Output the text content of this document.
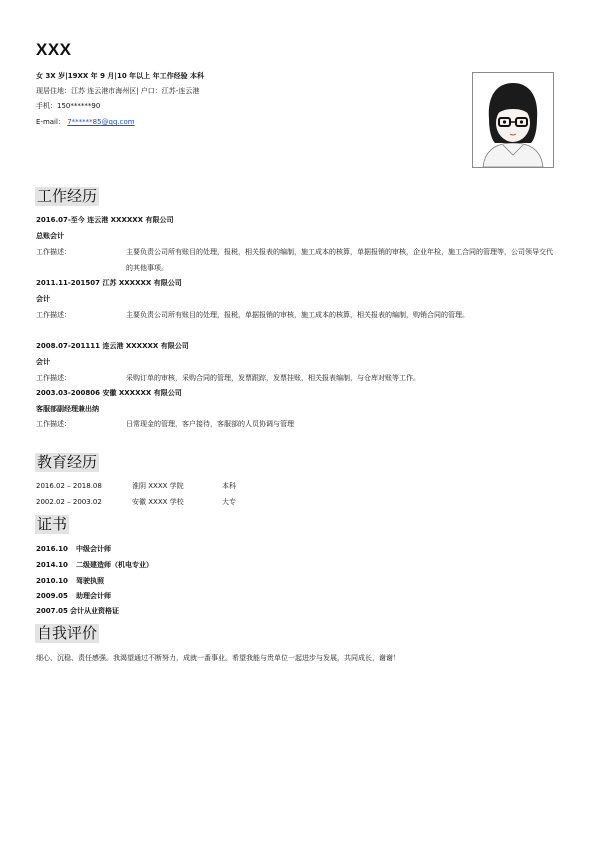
XXX
女 3X 岁|19XX 年 9 月|10 年以上 年工作经验 本科
现居住地：江苏 连云港市海州区| 户口：江苏-连云港
手机：150******90
E-mail： 7******85@qq.com
工作经历
2016.07-至今 连云港 XXXXXX 有限公司
总账会计
工作描述：	主要负责公司所有账目的处理，报税，相关报表的编制，施工成本的核算，单据报销的审核，企业年检，施工合同的管理等，公司领导交代的其他事项。
2011.11-201507 江苏 XXXXXX 有限公司
会计
工作描述：	主要负责公司所有账目的处理，报税，单据报销的审核，施工成本的核算，相关报表的编制，购销合同的管理。
2008.07-201111 连云港 XXXXXX 有限公司
会计
工作描述：	采购订单的审核，采购合同的管理，发票跟踪，发票挂账，相关报表编制，与仓库对账等工作。
2003.03-200806 安徽 XXXXXX 有限公司
客服部副经理兼出纳
工作描述：	日常现金的管理，客户接待，客服部的人员协调与管理
教育经历
2016.02 – 2018.08	淮阴 XXXX 学院	本科
2002.02 – 2003.02	安徽 XXXX 学校	大专
证书
2016.10 中级会计师
2014.10 二级建造师（机电专业）
2010.10 驾驶执照
2009.05 助理会计师
2007.05 会计从业资格证
自我评价
细心、沉稳、责任感强。我渴望通过不断努力，成就一番事业。希望我能与贵单位一起进步与发展，共同成长，谢谢！
